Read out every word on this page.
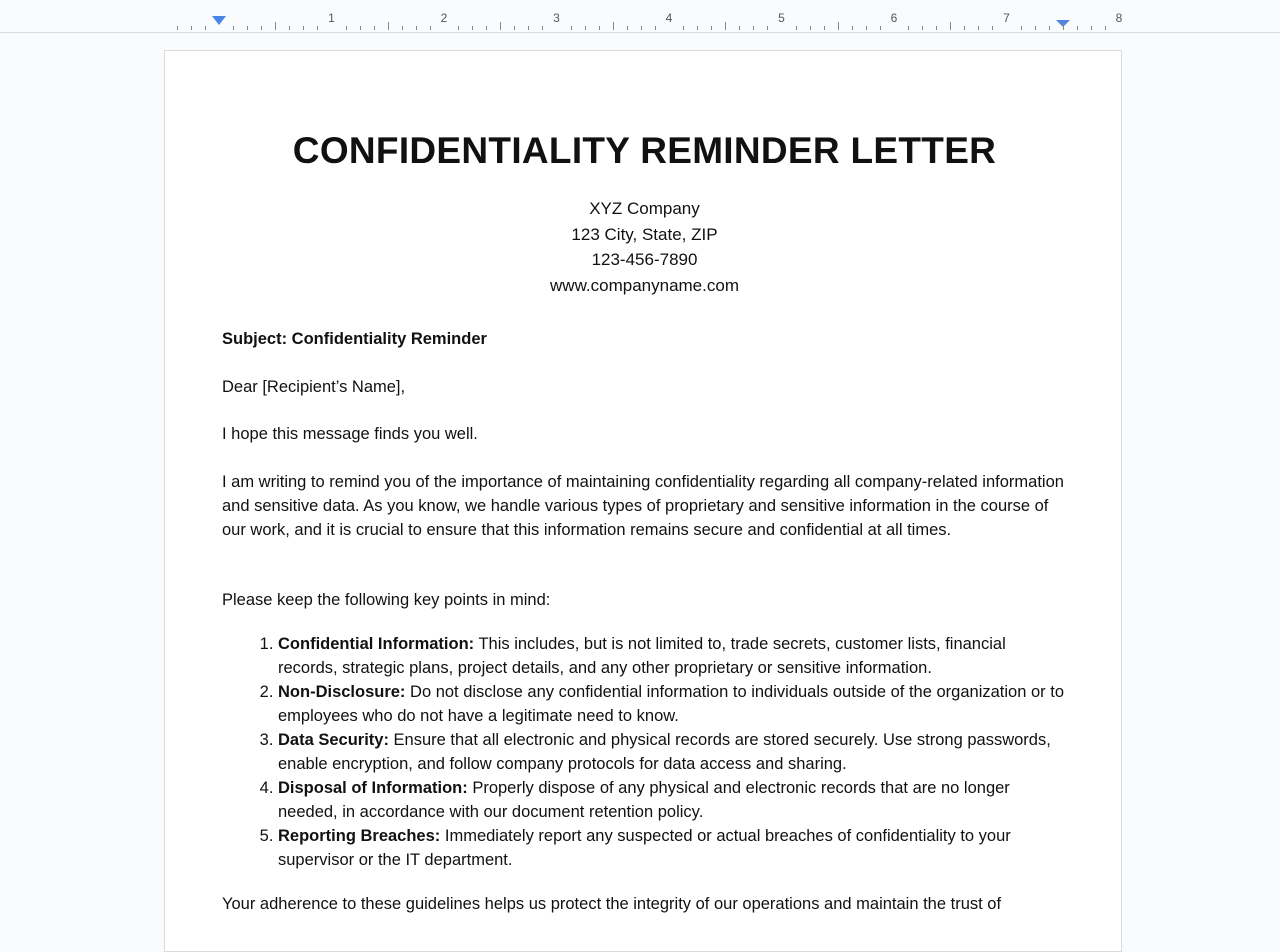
1	2	3	4	5	6	7	8
CONFIDENTIALITY REMINDER LETTER
XYZ Company
123 City, State, ZIP
123-456-7890
www.companyname.com

Subject: Confidentiality Reminder

Dear [Recipient’s Name],

I hope this message finds you well.

I am writing to remind you of the importance of maintaining confidentiality regarding all company-related information and sensitive data. As you know, we handle various types of proprietary and sensitive information in the course of our work, and it is crucial to ensure that this information remains secure and confidential at all times.

Please keep the following key points in mind:

1. Confidential Information: This includes, but is not limited to, trade secrets, customer lists, financial records, strategic plans, project details, and any other proprietary or sensitive information.
2. Non-Disclosure: Do not disclose any confidential information to individuals outside of the organization or to employees who do not have a legitimate need to know.
3. Data Security: Ensure that all electronic and physical records are stored securely. Use strong passwords, enable encryption, and follow company protocols for data access and sharing.
4. Disposal of Information: Properly dispose of any physical and electronic records that are no longer needed, in accordance with our document retention policy.
5. Reporting Breaches: Immediately report any suspected or actual breaches of confidentiality to your supervisor or the IT department.

Your adherence to these guidelines helps us protect the integrity of our operations and maintain the trust of
